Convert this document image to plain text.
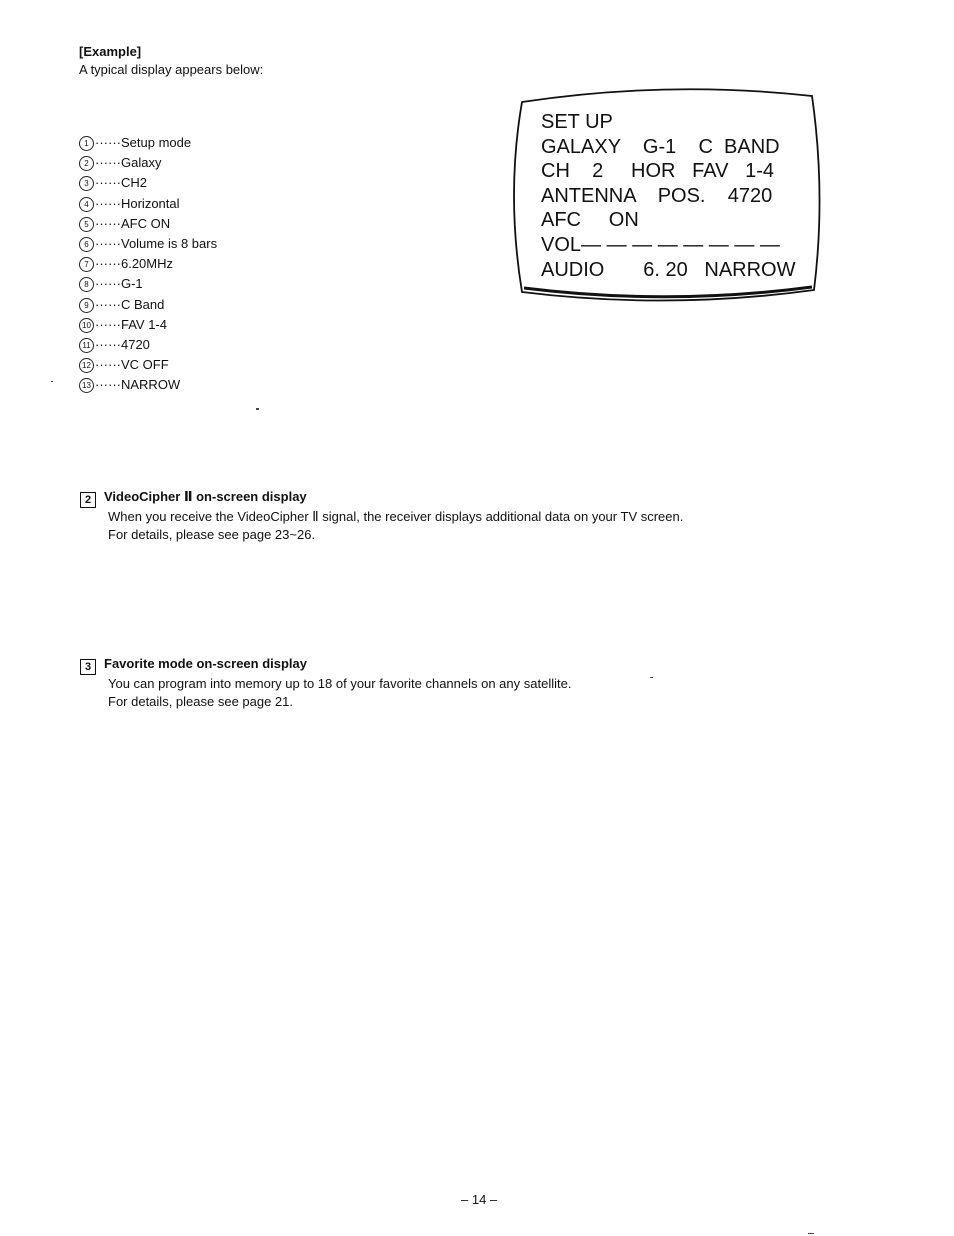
[Example]
A typical display appears below:
1 ······Setup mode
2 ······Galaxy
3 ······CH2
4 ······Horizontal
5 ······AFC ON
6 ······Volume is 8 bars
7 ······6.20MHz
8 ······G-1
9 ······C Band
10 ······FAV 1-4
11 ······4720
12 ······VC OFF
13 ······NARROW
SET UP
GALAXY    G-1    C  BAND
CH    2     HOR   FAV   1-4
ANTENNA    POS.    4720
AFC     ON
VOL— — — — — — — —
AUDIO       6. 20   NARROW
2 VideoCipher Ⅱ on-screen display
When you receive the VideoCipher Ⅱ signal, the receiver displays additional data on your TV screen.
For details, please see page 23~26.
3 Favorite mode on-screen display
You can program into memory up to 18 of your favorite channels on any satellite.
For details, please see page 21.
– 14 –
